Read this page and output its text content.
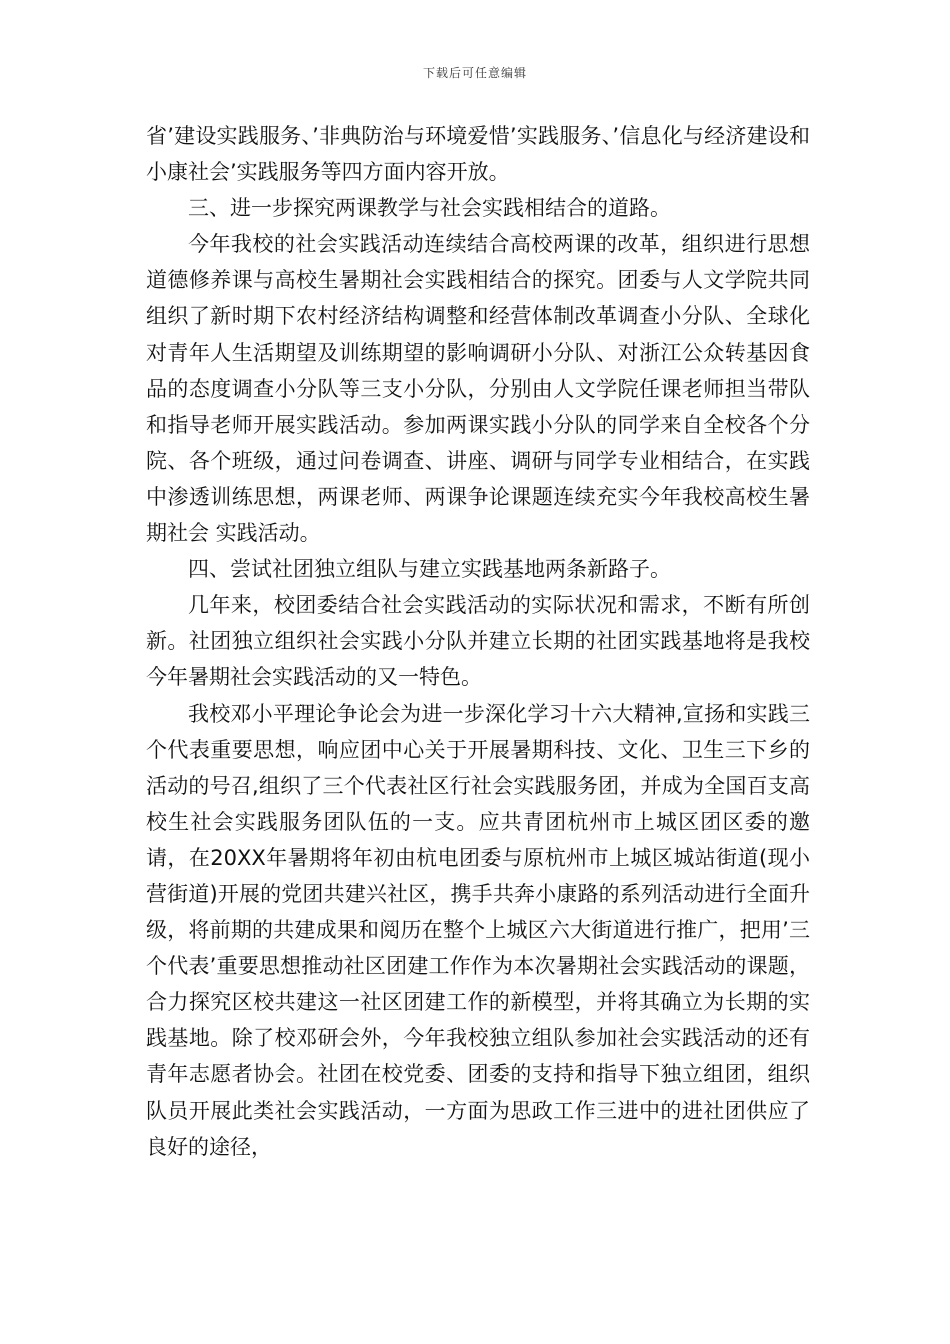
下载后可任意编辑

省’建设实践服务、’非典防治与环境爱惜’实践服务、’信息化与经济建设和小康社会’实践服务等四方面内容开放。

三、进一步探究两课教学与社会实践相结合的道路。

今年我校的社会实践活动连续结合高校两课的改革，组织进行思想道德修养课与高校生暑期社会实践相结合的探究。团委与人文学院共同组织了新时期下农村经济结构调整和经营体制改革调查小分队、全球化对青年人生活期望及训练期望的影响调研小分队、对浙江公众转基因食品的态度调查小分队等三支小分队，分别由人文学院任课老师担当带队和指导老师开展实践活动。参加两课实践小分队的同学来自全校各个分院、各个班级，通过问卷调查、讲座、调研与同学专业相结合，在实践中渗透训练思想，两课老师、两课争论课题连续充实今年我校高校生暑期社会 实践活动。

四、尝试社团独立组队与建立实践基地两条新路子。

几年来，校团委结合社会实践活动的实际状况和需求，不断有所创新。社团独立组织社会实践小分队并建立长期的社团实践基地将是我校今年暑期社会实践活动的又一特色。

我校邓小平理论争论会为进一步深化学习十六大精神,宣扬和实践三个代表重要思想，响应团中心关于开展暑期科技、文化、卫生三下乡的活动的号召,组织了三个代表社区行社会实践服务团，并成为全国百支高校生社会实践服务团队伍的一支。应共青团杭州市上城区团区委的邀请，在20XX年暑期将年初由杭电团委与原杭州市上城区城站街道(现小营街道)开展的党团共建兴社区，携手共奔小康路的系列活动进行全面升级，将前期的共建成果和阅历在整个上城区六大街道进行推广，把用’三个代表’重要思想推动社区团建工作作为本次暑期社会实践活动的课题，合力探究区校共建这一社区团建工作的新模型，并将其确立为长期的实践基地。除了校邓研会外，今年我校独立组队参加社会实践活动的还有青年志愿者协会。社团在校党委、团委的支持和指导下独立组团，组织队员开展此类社会实践活动，一方面为思政工作三进中的进社团供应了良好的途径，
